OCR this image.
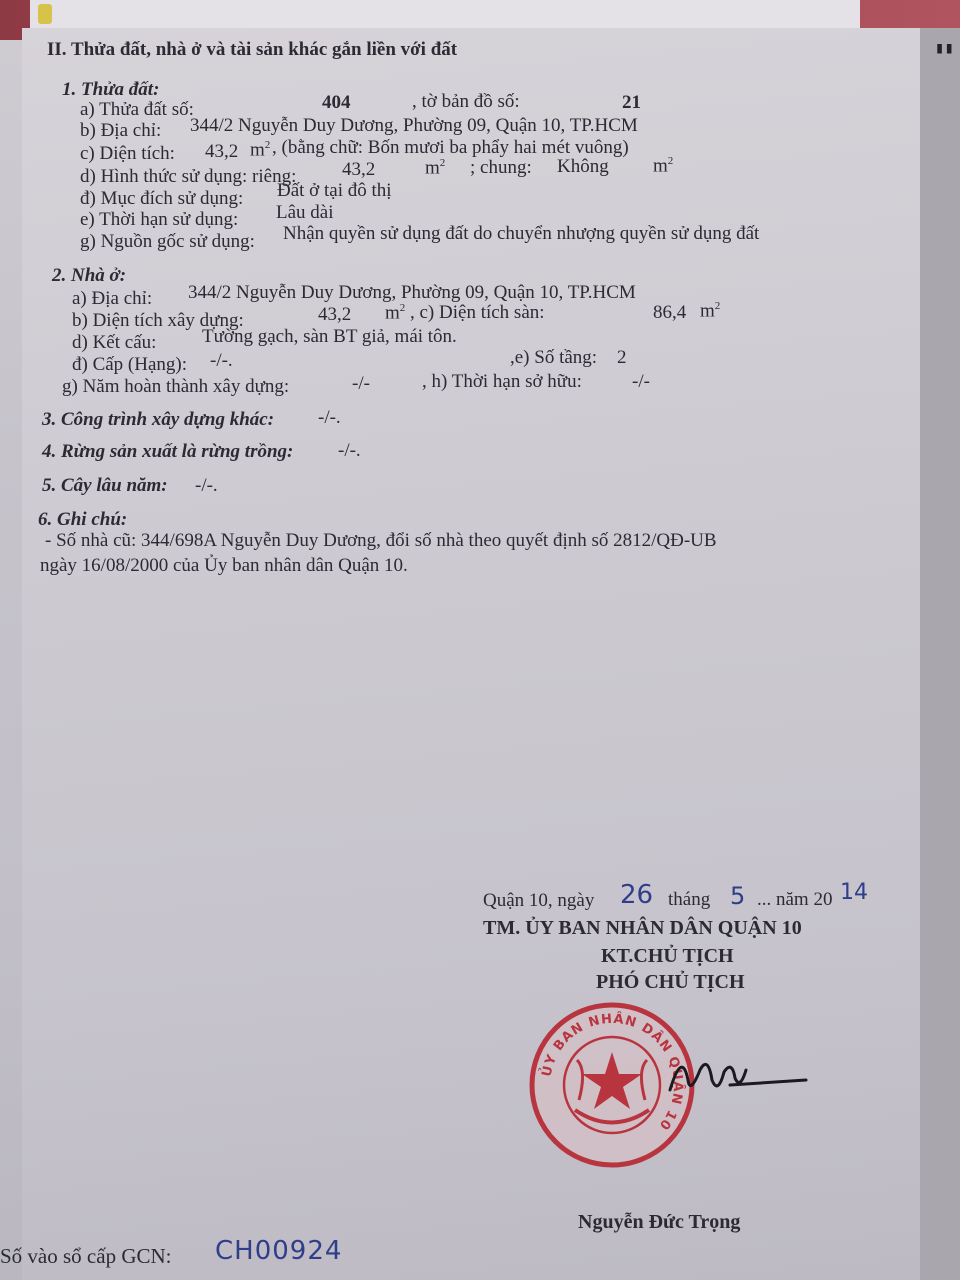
▮▮
II. Thửa đất, nhà ở và tài sản khác gắn liền với đất
1. Thửa đất:
a) Thửa đất số:	404	, tờ bản đồ số:	21
b) Địa chỉ: 344/2 Nguyễn Duy Dương, Phường 09, Quận 10, TP.HCM
c) Diện tích: 43,2 $m^2$ , (bằng chữ: Bốn mươi ba phẩy hai mét vuông)
d) Hình thức sử dụng: riêng: 43,2	$m^2$ ; chung: Không $m^2$
đ) Mục đích sử dụng: Đất ở tại đô thị
e) Thời hạn sử dụng: Lâu dài
g) Nguồn gốc sử dụng: Nhận quyền sử dụng đất do chuyển nhượng quyền sử dụng đất
2. Nhà ở:
a) Địa chỉ: 344/2 Nguyễn Duy Dương, Phường 09, Quận 10, TP.HCM
b) Diện tích xây dựng:	43,2 $m^2$ , c) Diện tích sàn:	86,4 $m^2$
d) Kết cấu: Tường gạch, sàn BT giả, mái tôn.
đ) Cấp (Hạng): -/-.	,e) Số tầng: 2
g) Năm hoàn thành xây dựng:	-/-	, h) Thời hạn sở hữu:	-/-
3. Công trình xây dựng khác: -/-.
4. Rừng sản xuất là rừng trồng: -/-.
5. Cây lâu năm: -/-.
6. Ghi chú:
- Số nhà cũ: 344/698A Nguyễn Duy Dương, đổi số nhà theo quyết định số 2812/QĐ-UB
ngày 16/08/2000 của Ủy ban nhân dân Quận 10.
Quận 10, ngày 26 tháng 5 ... năm 20 14
TM. ỦY BAN NHÂN DÂN QUẬN 10
KT.CHỦ TỊCH
PHÓ CHỦ TỊCH
ỦY BAN NHÂN DÂN QUẬN 10
Nguyễn Đức Trọng
Số vào sổ cấp GCN: CH00924
